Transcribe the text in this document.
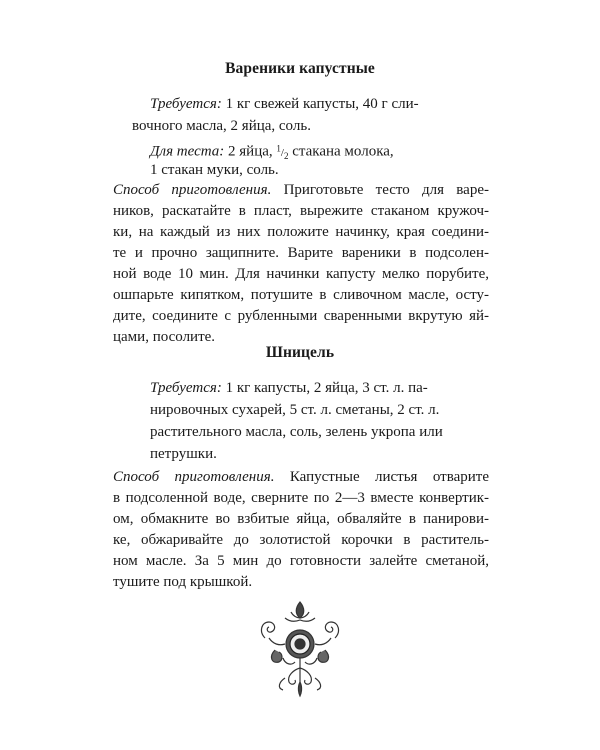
Вареники капустные
Требуется: 1 кг свежей капусты, 40 г сли-
вочного масла, 2 яйца, соль.
Для теста: 2 яйца, $^1/_2$ стакана молока,
1 стакан муки, соль.
Способ приготовления. Приготовьте тесто для варе-
ников, раскатайте в пласт, вырежите стаканом кружоч-
ки, на каждый из них положите начинку, края соедини-
те и прочно защипните. Варите вареники в подсолен-
ной воде 10 мин. Для начинки капусту мелко порубите,
ошпарьте кипятком, потушите в сливочном масле, осту-
дите, соедините с рубленными сваренными вкрутую яй-
цами, посолите.
Шницель
Требуется: 1 кг капусты, 2 яйца, 3 ст. л. па-
нировочных сухарей, 5 ст. л. сметаны, 2 ст. л.
растительного масла, соль, зелень укропа или
петрушки.
Способ приготовления. Капустные листья отварите
в подсоленной воде, сверните по 2—3 вместе конвертик-
ом, обмакните во взбитые яйца, обваляйте в панирови-
ке, обжаривайте до золотистой корочки в раститель-
ном масле. За 5 мин до готовности залейте сметаной,
тушите под крышкой.
